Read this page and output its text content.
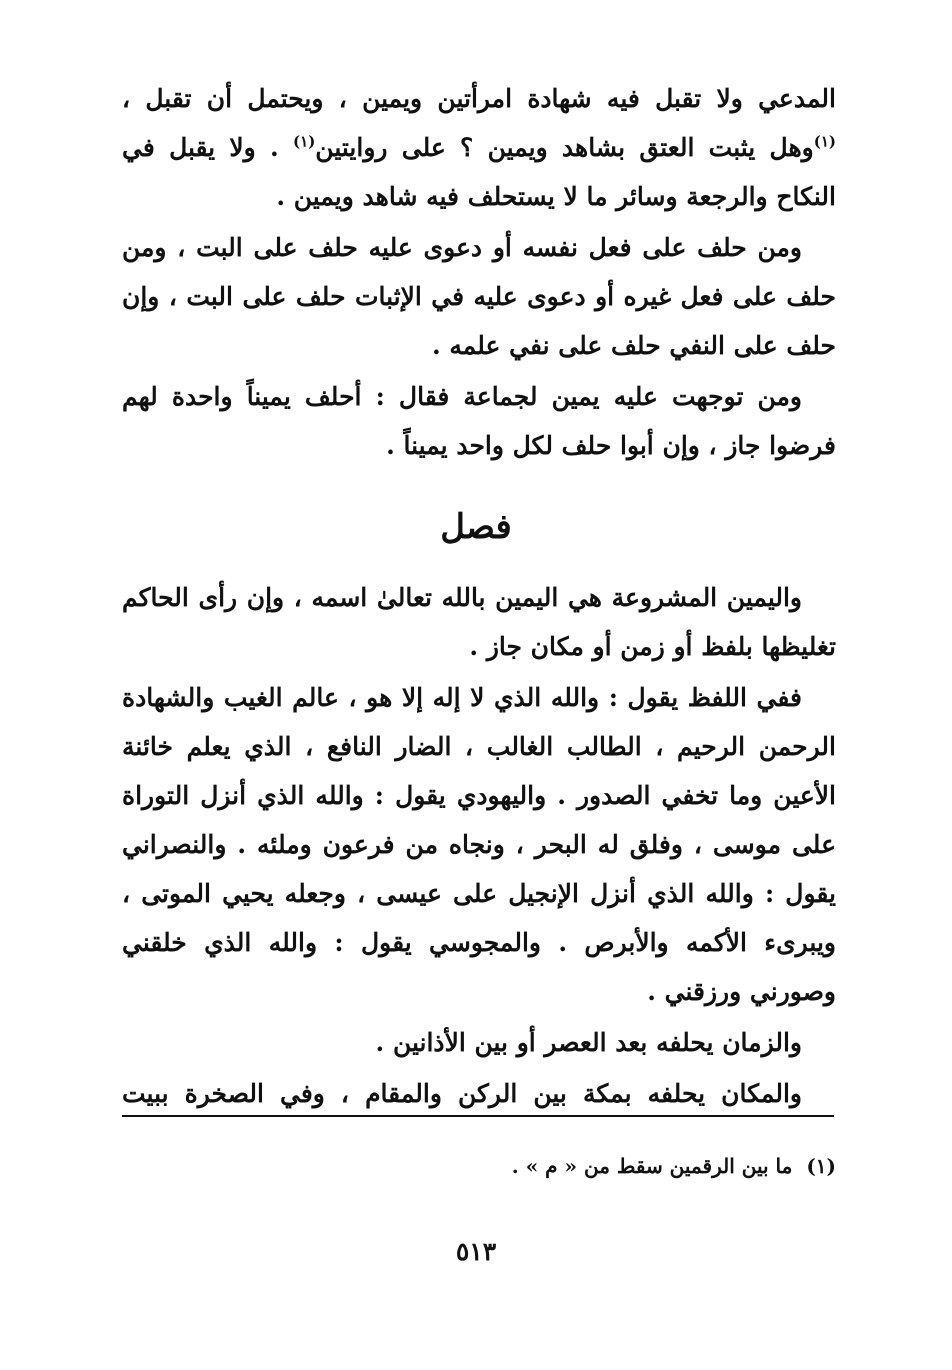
المدعي ولا تقبل فيه شهادة امرأتين ويمين ، ويحتمل أن تقبل ، $^{(١)}$وهل يثبت العتق بشاهد ويمين ؟ على روايتين$^{(١)}$ . ولا يقبل في النكاح والرجعة وسائر ما لا يستحلف فيه شاهد ويمين .

ومن حلف على فعل نفسه أو دعوى عليه حلف على البت ، ومن حلف على فعل غيره أو دعوى عليه في الإثبات حلف على البت ، وإن حلف على النفي حلف على نفي علمه .

ومن توجهت عليه يمين لجماعة فقال : أحلف يميناً واحدة لهم فرضوا جاز ، وإن أبوا حلف لكل واحد يميناً .

فصل

واليمين المشروعة هي اليمين بالله تعالىٰ اسمه ، وإن رأى الحاكم تغليظها بلفظ أو زمن أو مكان جاز .

ففي اللفظ يقول : والله الذي لا إله إلا هو ، عالم الغيب والشهادة الرحمن الرحيم ، الطالب الغالب ، الضار النافع ، الذي يعلم خائنة الأعين وما تخفي الصدور . واليهودي يقول : والله الذي أنزل التوراة على موسى ، وفلق له البحر ، ونجاه من فرعون وملئه . والنصراني يقول : والله الذي أنزل الإنجيل على عيسى ، وجعله يحيي الموتى ، ويبرىء الأكمه والأبرص . والمجوسي يقول : والله الذي خلقني وصورني ورزقني .

والزمان يحلفه بعد العصر أو بين الأذانين .

والمكان يحلفه بمكة بين الركن والمقام ، وفي الصخرة ببيت

(١)ما بين الرقمين سقط من « م » .
٥١٣
